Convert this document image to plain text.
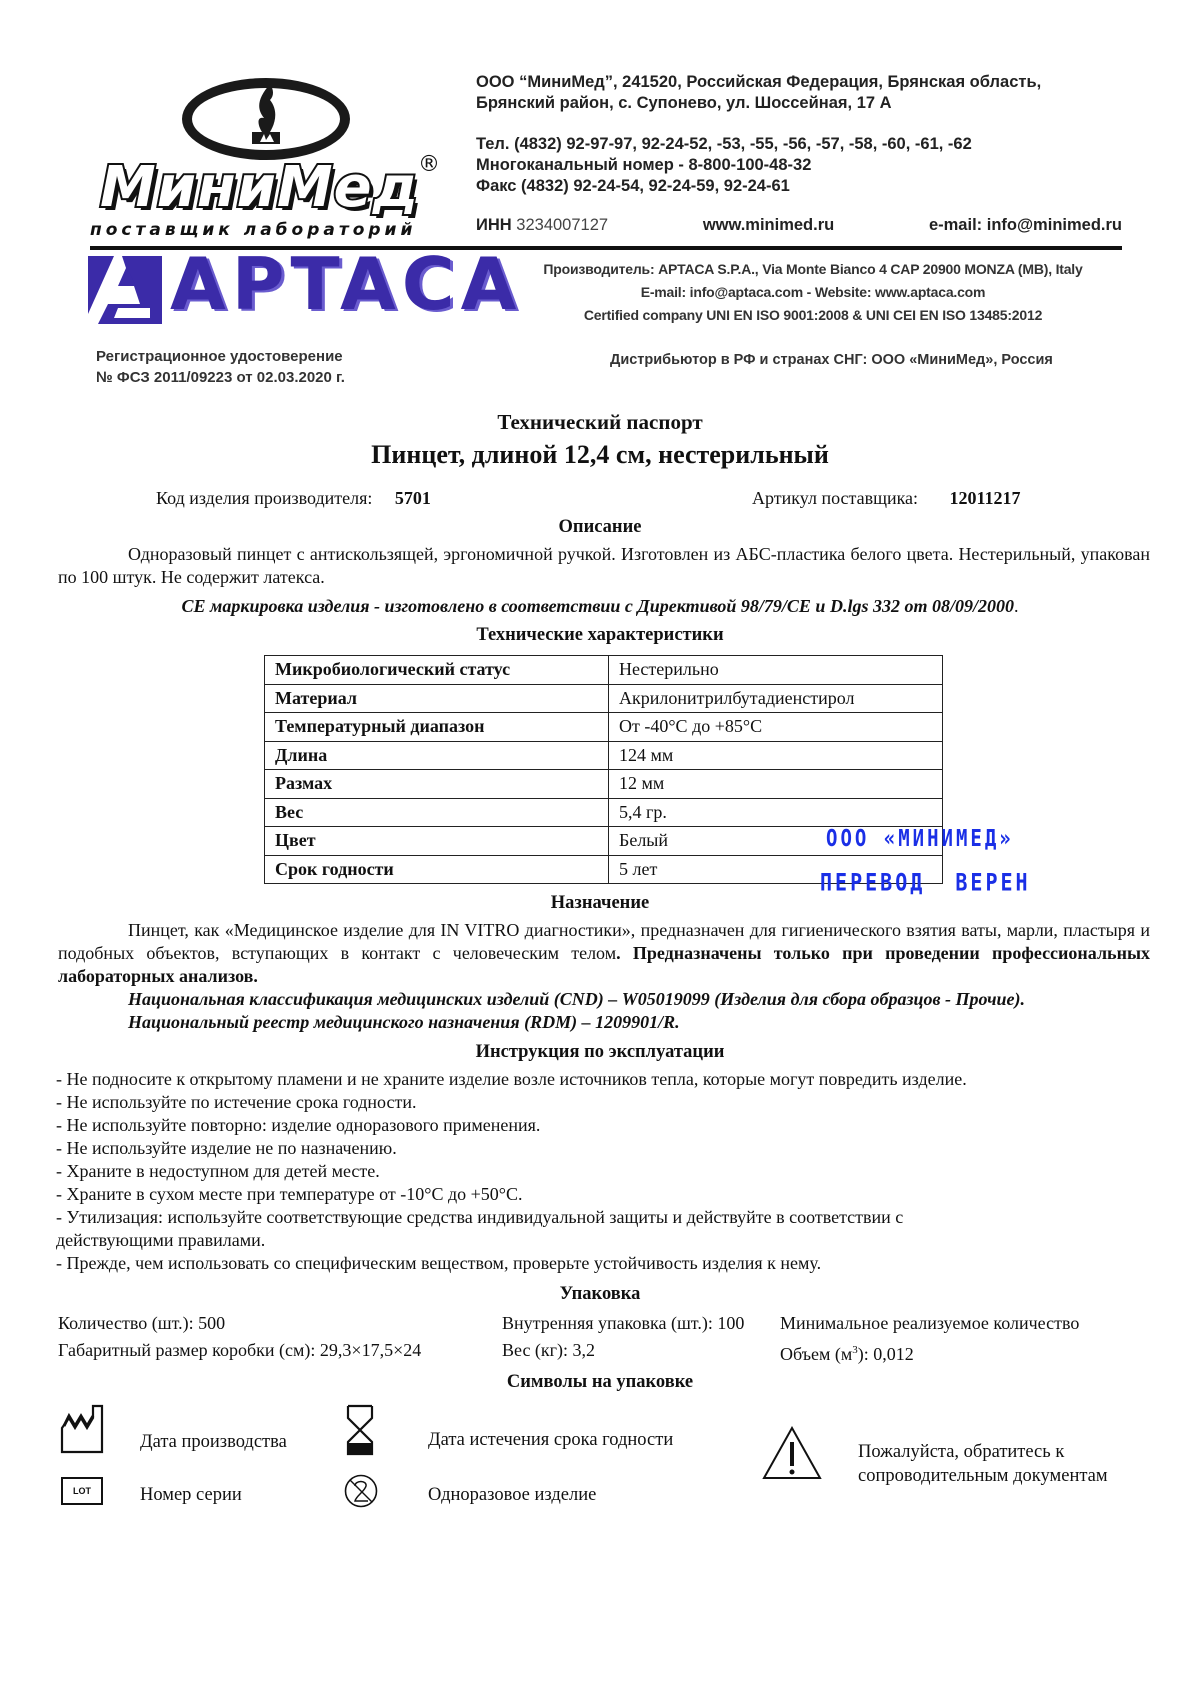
МиниМед ®
поставщик лабораторий
ООО “МиниМед”, 241520, Российская Федерация, Брянская область,
Брянский район, с. Супонево, ул. Шоссейная, 17 А
Тел. (4832) 92-97-97, 92-24-52, -53, -55, -56, -57, -58, -60, -61, -62
Многоканальный номер - 8-800-100-48-32
Факс (4832) 92-24-54, 92-24-59, 92-24-61
ИНН 3234007127	www.minimed.ru	e-mail: info@minimed.ru
APTACA	Производитель: APTACA S.P.A., Via Monte Bianco 4 CAP 20900 MONZA (MB), Italy
E-mail: info@aptaca.com - Website: www.aptaca.com
Certified company UNI EN ISO 9001:2008 & UNI CEI EN ISO 13485:2012
Регистрационное удостоверение
№ ФСЗ 2011/09223 от 02.03.2020 г.
Дистрибьютор в РФ и странах СНГ: ООО «МиниМед», Россия
Технический паспорт
Пинцет, длиной 12,4 см, нестерильный
Код изделия производителя: 5701	Артикул поставщика: 12011217
Описание
Одноразовый пинцет с антискользящей, эргономичной ручкой. Изготовлен из АБС-пластика белого цвета. Нестерильный, упакован по 100 штук. Не содержит латекса.
CE маркировка изделия - изготовлено в соответствии с Директивой 98/79/CE и D.lgs 332 от 08/09/2000.
Технические характеристики
Микробиологический статус	Нестерильно
Материал	Акрилонитрилбутадиенстирол
Температурный диапазон	От -40°С до +85°С
Длина	124 мм
Размах	12 мм
Вес	5,4 гр.
Цвет	Белый
Срок годности	5 лет
ООО «МИНИМЕД»
ПЕРЕВОД  ВЕРЕН
Назначение
Пинцет, как «Медицинское изделие для IN VITRO диагностики», предназначен для гигиенического взятия ваты, марли, пластыря и подобных объектов, вступающих в контакт с человеческим телом. Предназначены только при проведении профессиональных лабораторных анализов.
Национальная классификация медицинских изделий (CND) – W05019099 (Изделия для сбора образцов - Прочие).
Национальный реестр медицинского назначения (RDM) – 1209901/R.
Инструкция по эксплуатации
- Не подносите к открытому пламени и не храните изделие возле источников тепла, которые могут повредить изделие.
- Не используйте по истечение срока годности.
- Не используйте повторно: изделие одноразового применения.
- Не используйте изделие не по назначению.
- Храните в недоступном для детей месте.
- Храните в сухом месте при температуре от -10°С до +50°С.
- Утилизация: используйте соответствующие средства индивидуальной защиты и действуйте в соответствии с действующими правилами.
- Прежде, чем использовать со специфическим веществом, проверьте устойчивость изделия к нему.
Упаковка
Количество (шт.): 500	Внутренняя упаковка (шт.): 100 Минимальное реализуемое количество
Габаритный размер коробки (см): 29,3×17,5×24	Вес (кг): 3,2	Объем $(м^3)$: 0,012
Символы на упаковке
Дата производства	Дата истечения срока годности
Пожалуйста, обратитесь к
сопроводительным документам
LOT	Номер серии	Одноразовое изделие
